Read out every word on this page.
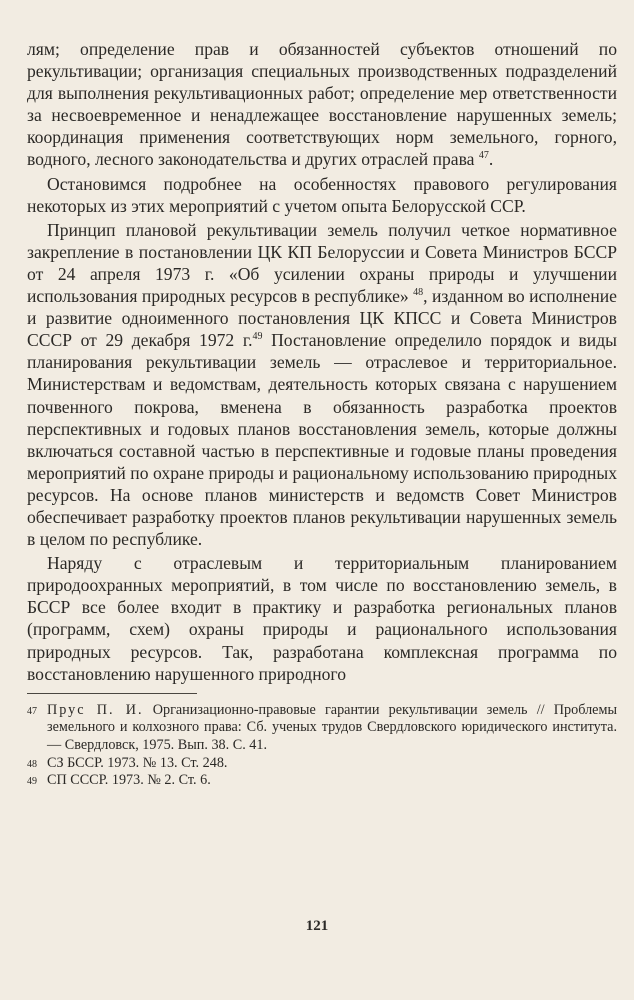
лям; определение прав и обязанностей субъектов отношений по рекультивации; организация специальных производственных подразделений для выполнения рекультивационных работ; определение мер ответственности за несвоевременное и ненадлежащее восстановление нарушенных земель; координация применения соответствующих норм земельного, горного, водного, лесного законодательства и других отраслей права $^{47}$.

Остановимся подробнее на особенностях правового регулирования некоторых из этих мероприятий с учетом опыта Белорусской ССР.

Принцип плановой рекультивации земель получил четкое нормативное закрепление в постановлении ЦК КП Белоруссии и Совета Министров БССР от 24 апреля 1973 г. «Об усилении охраны природы и улучшении использования природных ресурсов в республике» $^{48}$, изданном во исполнение и развитие одноименного постановления ЦК КПСС и Совета Министров СССР от 29 декабря 1972 г.$^{49}$ Постановление определило порядок и виды планирования рекультивации земель — отраслевое и территориальное. Министерствам и ведомствам, деятельность которых связана с нарушением почвенного покрова, вменена в обязанность разработка проектов перспективных и годовых планов восстановления земель, которые должны включаться составной частью в перспективные и годовые планы проведения мероприятий по охране природы и рациональному использованию природных ресурсов. На основе планов министерств и ведомств Совет Министров обеспечивает разработку проектов планов рекультивации нарушенных земель в целом по республике.

Наряду с отраслевым и территориальным планированием природоохранных мероприятий, в том числе по восстановлению земель, в БССР все более входит в практику и разработка региональных планов (программ, схем) охраны природы и рационального использования природных ресурсов. Так, разработана комплексная программа по восстановлению нарушенного природного

47 Прус П. И. Организационно-правовые гарантии рекультивации земель // Проблемы земельного и колхозного права: Сб. ученых трудов Свердловского юридического института.— Свердловск, 1975. Вып. 38. С. 41.

48 СЗ БССР. 1973. № 13. Ст. 248.

49 СП СССР. 1973. № 2. Ст. 6.

121
